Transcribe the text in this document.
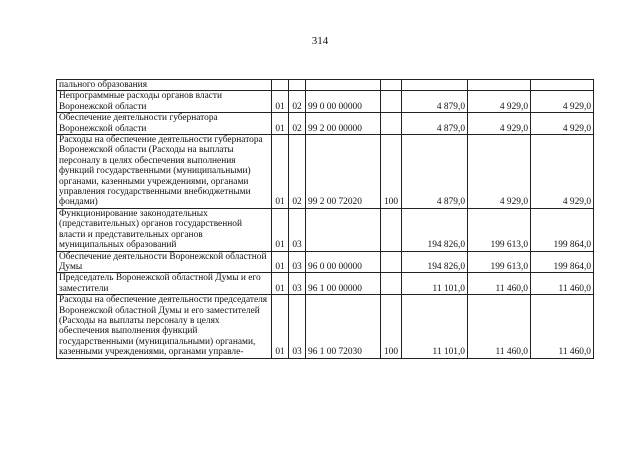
314
пального образования							
Непрограммные расходы органов власти Воронежской области	01	02	99 0 00 00000		4 879,0	4 929,0	4 929,0
Обеспечение деятельности губернатора Воронежской области	01	02	99 2 00 00000		4 879,0	4 929,0	4 929,0
Расходы на обеспечение деятельности губернатора Воронежской области (Расходы на выплаты персоналу в целях обеспечения выполнения функций государственными (муниципальными) органами, казенными учреждениями, органами управления государственными внебюджетными фондами)	01	02	99 2 00 72020	100	4 879,0	4 929,0	4 929,0
Функционирование законодательных (представительных) органов государственной власти и представительных органов муниципальных образований	01	03			194 826,0	199 613,0	199 864,0
Обеспечение деятельности Воронежской областной Думы	01	03	96 0 00 00000		194 826,0	199 613,0	199 864,0
Председатель Воронежской областной Думы и его заместители	01	03	96 1 00 00000		11 101,0	11 460,0	11 460,0
Расходы на обеспечение деятельности председателя Воронежской областной Думы и его заместителей (Расходы на выплаты персоналу в целях обеспечения выполнения функций государственными (муниципальными) органами, казенными учреждениями, органами управле-	01	03	96 1 00 72030	100	11 101,0	11 460,0	11 460,0
